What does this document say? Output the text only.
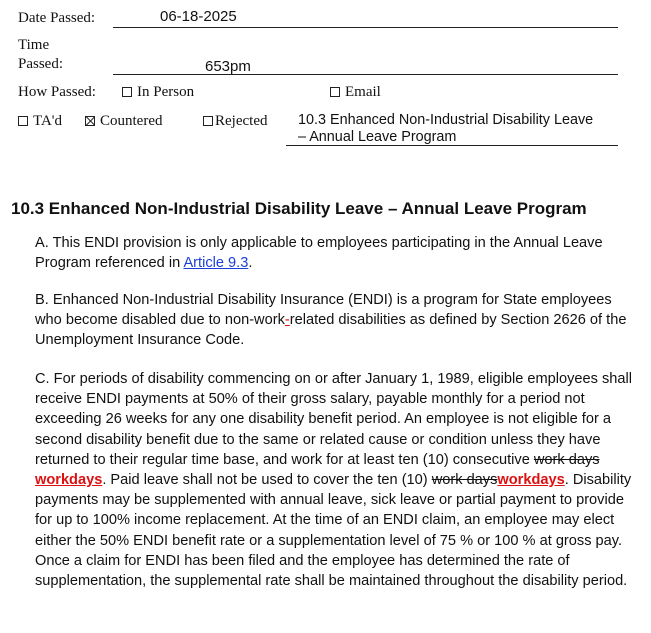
Date Passed:	06-18-2025
Time
Passed:	653pm
How Passed:	In Person	Email
TA'd	Countered	Rejected 10.3 Enhanced Non-Industrial Disability Leave
– Annual Leave Program
10.3 Enhanced Non-Industrial Disability Leave – Annual Leave Program
A. This ENDI provision is only applicable to employees participating in the Annual Leave Program referenced in Article 9.3.
B. Enhanced Non-Industrial Disability Insurance (ENDI) is a program for State employees who become disabled due to non-work-related disabilities as defined by Section 2626 of the Unemployment Insurance Code.
C. For periods of disability commencing on or after January 1, 1989, eligible employees shall receive ENDI payments at 50% of their gross salary, payable monthly for a period not exceeding 26 weeks for any one disability benefit period. An employee is not eligible for a second disability benefit due to the same or related cause or condition unless they have returned to their regular time base, and work for at least ten (10) consecutive work days workdays. Paid leave shall not be used to cover the ten (10) work daysworkdays. Disability payments may be supplemented with annual leave, sick leave or partial payment to provide for up to 100% income replacement. At the time of an ENDI claim, an employee may elect either the 50% ENDI benefit rate or a supplementation level of 75 % or 100 % at gross pay. Once a claim for ENDI has been filed and the employee has determined the rate of supplementation, the supplemental rate shall be maintained throughout the disability period.
